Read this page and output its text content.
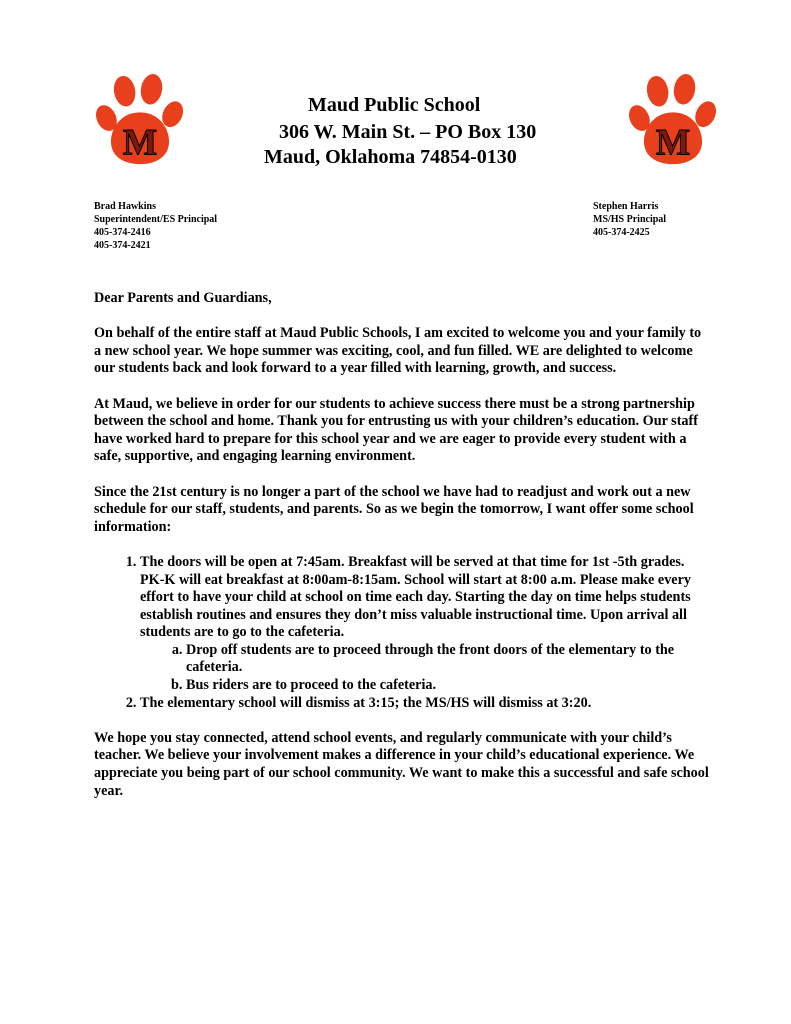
M	M
Maud Public School
306 W. Main St. – PO Box 130
Maud, Oklahoma 74854-0130
Brad Hawkins
Superintendent/ES Principal
405-374-2416
405-374-2421
Stephen Harris
MS/HS Principal
405-374-2425

Dear Parents and Guardians,

On behalf of the entire staff at Maud Public Schools, I am excited to welcome you and your family to a new school year. We hope summer was exciting, cool, and fun filled. WE are delighted to welcome our students back and look forward to a year filled with learning, growth, and success.

At Maud, we believe in order for our students to achieve success there must be a strong partnership between the school and home. Thank you for entrusting us with your children’s education. Our staff have worked hard to prepare for this school year and we are eager to provide every student with a safe, supportive, and engaging learning environment.

Since the 21st century is no longer a part of the school we have had to readjust and work out a new schedule for our staff, students, and parents. So as we begin the tomorrow, I want offer some school information:

1. The doors will be open at 7:45am. Breakfast will be served at that time for 1st -5th grades. PK-K will eat breakfast at 8:00am-8:15am. School will start at 8:00 a.m. Please make every effort to have your child at school on time each day. Starting the day on time helps students establish routines and ensures they don’t miss valuable instructional time. Upon arrival all students are to go to the cafeteria.
a. Drop off students are to proceed through the front doors of the elementary to the cafeteria.
b. Bus riders are to proceed to the cafeteria.
2. The elementary school will dismiss at 3:15; the MS/HS will dismiss at 3:20.

We hope you stay connected, attend school events, and regularly communicate with your child’s teacher. We believe your involvement makes a difference in your child’s educational experience. We appreciate you being part of our school community. We want to make this a successful and safe school year.
